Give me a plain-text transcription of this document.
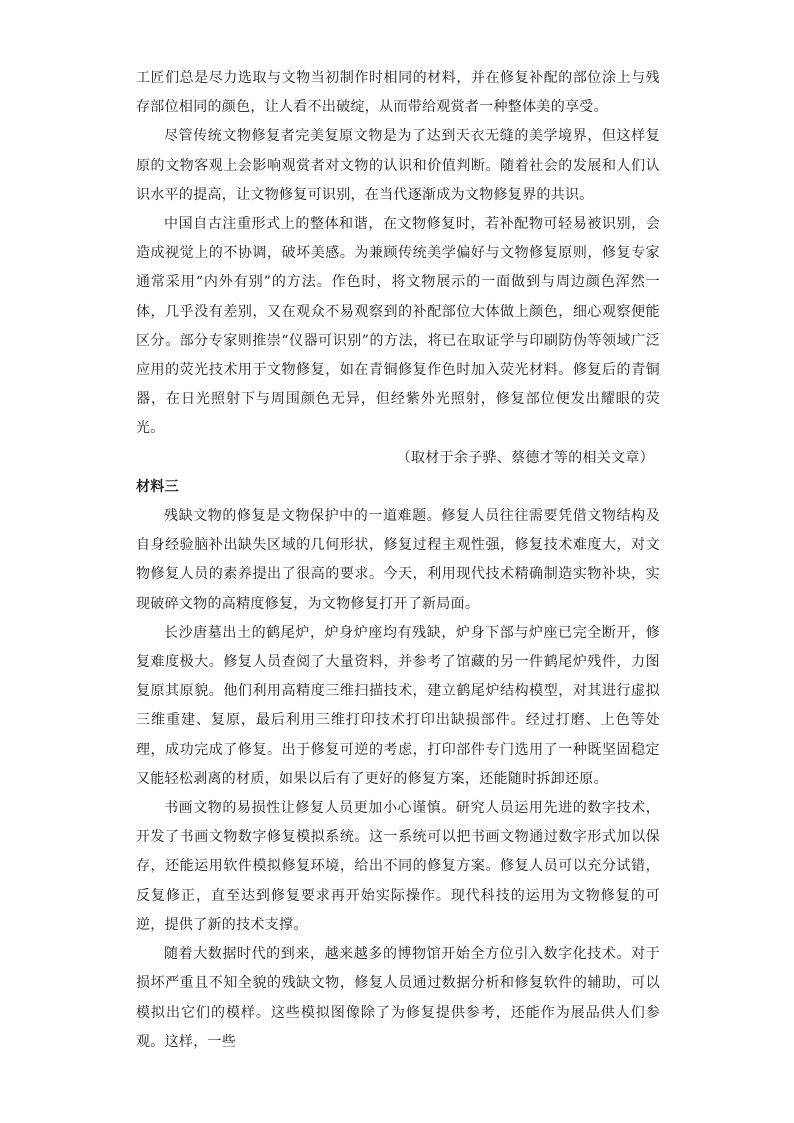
工匠们总是尽力选取与文物当初制作时相同的材料，并在修复补配的部位涂上与残存部位相同的颜色，让人看不出破绽，从而带给观赏者一种整体美的享受。

尽管传统文物修复者完美复原文物是为了达到天衣无缝的美学境界，但这样复原的文物客观上会影响观赏者对文物的认识和价值判断。随着社会的发展和人们认识水平的提高，让文物修复可识别，在当代逐渐成为文物修复界的共识。

中国自古注重形式上的整体和谐，在文物修复时，若补配物可轻易被识别，会造成视觉上的不协调，破坏美感。为兼顾传统美学偏好与文物修复原则，修复专家通常采用“内外有别”的方法。作色时，将文物展示的一面做到与周边颜色浑然一体，几乎没有差别，又在观众不易观察到的补配部位大体做上颜色，细心观察便能区分。部分专家则推崇“仪器可识别”的方法，将已在取证学与印刷防伪等领域广泛应用的荧光技术用于文物修复，如在青铜修复作色时加入荧光材料。修复后的青铜器，在日光照射下与周围颜色无异，但经紫外光照射，修复部位便发出耀眼的荧光。

（取材于余子骅、蔡德才等的相关文章）

材料三

残缺文物的修复是文物保护中的一道难题。修复人员往往需要凭借文物结构及自身经验脑补出缺失区域的几何形状，修复过程主观性强，修复技术难度大，对文物修复人员的素养提出了很高的要求。今天，利用现代技术精确制造实物补块，实现破碎文物的高精度修复，为文物修复打开了新局面。

长沙唐墓出土的鹤尾炉，炉身炉座均有残缺，炉身下部与炉座已完全断开，修复难度极大。修复人员查阅了大量资料，并参考了馆藏的另一件鹤尾炉残件，力图复原其原貌。他们利用高精度三维扫描技术，建立鹤尾炉结构模型，对其进行虚拟三维重建、复原，最后利用三维打印技术打印出缺损部件。经过打磨、上色等处理，成功完成了修复。出于修复可逆的考虑，打印部件专门选用了一种既坚固稳定又能轻松剥离的材质，如果以后有了更好的修复方案，还能随时拆卸还原。

书画文物的易损性让修复人员更加小心谨慎。研究人员运用先进的数字技术，开发了书画文物数字修复模拟系统。这一系统可以把书画文物通过数字形式加以保存，还能运用软件模拟修复环境，给出不同的修复方案。修复人员可以充分试错，反复修正，直至达到修复要求再开始实际操作。现代科技的运用为文物修复的可逆，提供了新的技术支撑。

随着大数据时代的到来，越来越多的博物馆开始全方位引入数字化技术。对于损坏严重且不知全貌的残缺文物，修复人员通过数据分析和修复软件的辅助，可以模拟出它们的模样。这些模拟图像除了为修复提供参考，还能作为展品供人们参观。这样，一些
